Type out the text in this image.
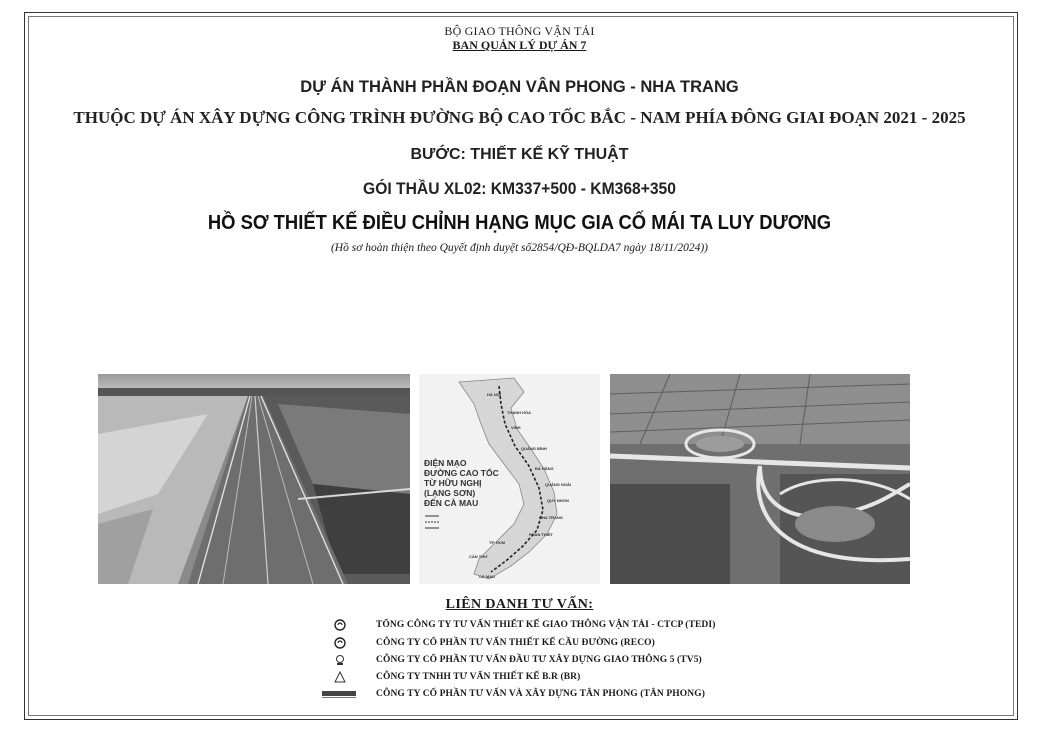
BỘ GIAO THÔNG VẬN TẢI
BAN QUẢN LÝ DỰ ÁN 7
DỰ ÁN THÀNH PHẦN ĐOẠN VÂN PHONG - NHA TRANG
THUỘC DỰ ÁN XÂY DỰNG CÔNG TRÌNH ĐƯỜNG BỘ CAO TỐC BẮC - NAM PHÍA ĐÔNG GIAI ĐOẠN 2021 - 2025
BƯỚC: THIẾT KẾ KỸ THUẬT
GÓI THẦU XL02: KM337+500 - KM368+350
HỒ SƠ THIẾT KẾ ĐIỀU CHỈNH HẠNG MỤC GIA CỐ MÁI TA LUY DƯƠNG
(Hồ sơ hoàn thiện theo Quyết định duyệt số2854/QĐ-BQLDA7 ngày 18/11/2024))
ĐIỆN MẠO
ĐƯỜNG CAO TỐC
TỪ HỮU NGHỊ
(LẠNG SƠN)
ĐẾN CÀ MAU
HÀ NỘI
THANH HÓA
VINH
QUẢNG BÌNH
ĐÀ NẴNG
QUẢNG NGÃI
QUY NHƠN
NHA TRANG
PHAN THIẾT
TP. HCM
CẦN THƠ
CÀ MAU
LIÊN DANH TƯ VẤN:
TỔNG CÔNG TY TƯ VẤN THIẾT KẾ GIAO THÔNG VẬN TẢI - CTCP (TEDI)
CÔNG TY CỔ PHẦN TƯ VẤN THIẾT KẾ CẦU ĐƯỜNG (RECO)
CÔNG TY CỔ PHẦN TƯ VẤN ĐẦU TƯ XÂY DỰNG GIAO THÔNG 5 (TV5)
CÔNG TY TNHH TƯ VẤN THIẾT KẾ B.R (BR)
CÔNG TY CỔ PHẦN TƯ VẤN VÀ XÂY DỰNG TÂN PHONG (TÂN PHONG)
